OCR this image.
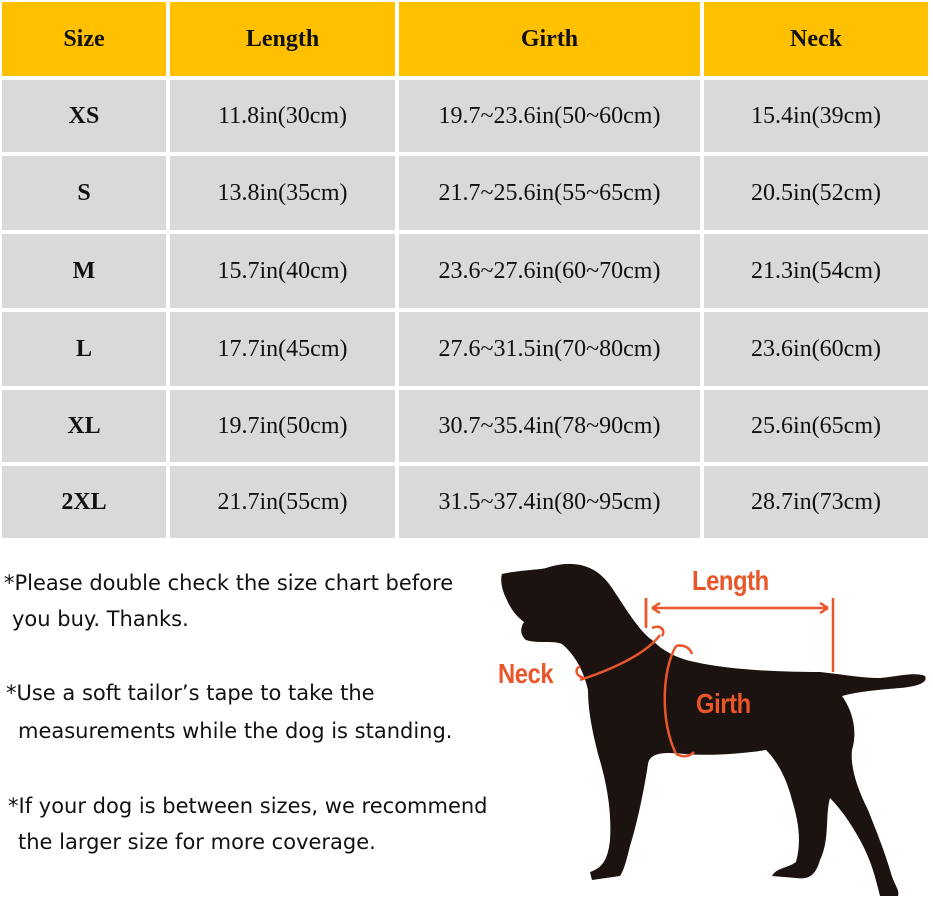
Size	Length	Girth	Neck
XS	11.8in(30cm)	19.7~23.6in(50~60cm)	15.4in(39cm)
S	13.8in(35cm)	21.7~25.6in(55~65cm)	20.5in(52cm)
M	15.7in(40cm)	23.6~27.6in(60~70cm)	21.3in(54cm)
L	17.7in(45cm)	27.6~31.5in(70~80cm)	23.6in(60cm)
XL	19.7in(50cm)	30.7~35.4in(78~90cm)	25.6in(65cm)
2XL	21.7in(55cm)	31.5~37.4in(80~95cm)	28.7in(73cm)
*Please double check the size chart before
you buy. Thanks.
*Use a soft tailor’s tape to take the
measurements while the dog is standing.
*If your dog is between sizes, we recommend
the larger size for more coverage.
Length
Neck
Girth
